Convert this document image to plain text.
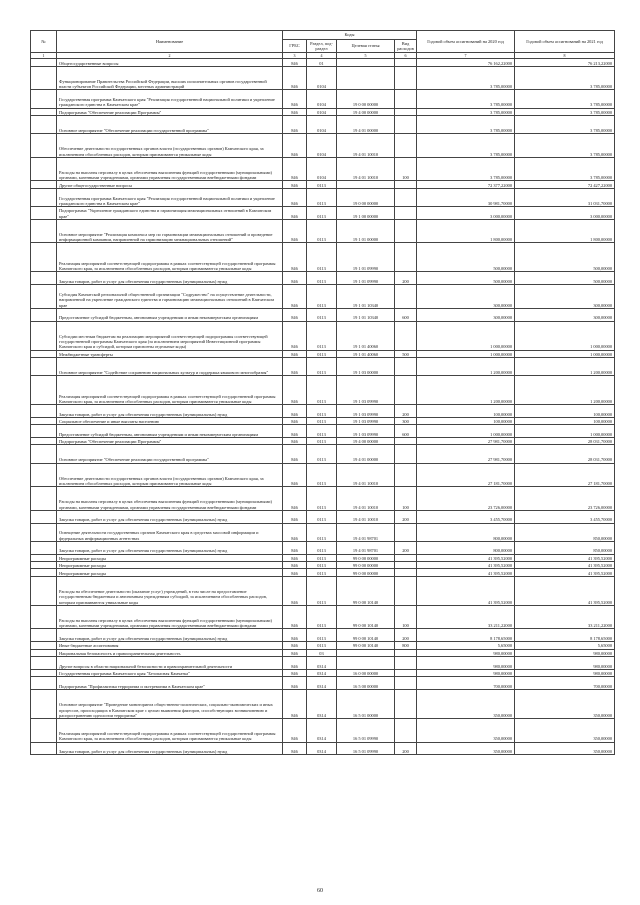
№	Наименование	Коды				Годовой объем ассигнований на 2020 год	Годовой объем ассигнований на 2021 год
		ГРБС	Раздел, под-раздел	Целевая статья	Вид расходов		
1	2	3	4	5	6	7	8
	Общегосударственные вопросы	846	01			76 162,22000	76 213,22000
	Функционирование Правительства Российской Федерации, высших исполнительных органов государственной власти субъектов Российской Федерации, местных администраций	846	0104			3 785,00000	3 785,00000
	Государственная программа Камчатского края "Реализация государственной национальной политики и укрепление гражданского единства в Камчатском крае"	846	0104	19 0 00 00000		3 785,00000	3 785,00000
	Подпрограмма "Обеспечение реализации Программы"	846	0104	19 4 00 00000		3 785,00000	3 785,00000
	Основное мероприятие "Обеспечение реализации государственной программы"	846	0104	19 4 01 00000		3 785,00000	3 785,00000
	Обеспечение деятельности государственных органов власти (государственных органов) Камчатского края, за исключением обособленных расходов, которым присваиваются уникальные коды	846	0104	19 4 01 10010		3 785,00000	3 785,00000
	Расходы на выплаты персоналу в целях обеспечения выполнения функций государственными (муниципальными) органами, казенными учреждениями, органами управления государственными внебюджетными фондами	846	0104	19 4 01 10010	100	3 785,00000	3 785,00000
	Другие общегосударственные вопросы	846	0113			72 377,22000	72 427,22000
	Государственная программа Камчатского края "Реализация государственной национальной политики и укрепление гражданского единства в Камчатском крае"	846	0113	19 0 00 00000		30 981,70000	31 031,70000
	Подпрограмма "Укрепление гражданского единства и гармонизация межнациональных отношений в Камчатском крае"	846	0113	19 1 00 00000		3 000,00000	3 000,00000
	Основное мероприятие "Реализация комплекса мер по гармонизации межнациональных отношений и проведение информационной кампании, направленной на гармонизацию межнациональных отношений"	846	0113	19 1 01 00000		1 800,00000	1 800,00000
	Реализация мероприятий соответствующей подпрограммы в рамках соответствующей государственной программы Камчатского края, за исключением обособленных расходов, которым присваиваются уникальные коды	846	0113	19 1 01 09990		500,00000	500,00000
	Закупка товаров, работ и услуг для обеспечения государственных (муниципальных) нужд	846	0113	19 1 01 09990	200	500,00000	500,00000
	Субсидия Камчатской региональной общественной организации "Содружество" на осуществление деятельности, направленной на укрепление гражданского единства и гармонизацию межнациональных отношений в Камчатском крае	846	0113	19 1 01 10340		300,00000	300,00000
	Предоставление субсидий бюджетным, автономным учреждениям и иным некоммерческим организациям	846	0113	19 1 01 10340	600	300,00000	300,00000
	Субсидии местным бюджетам на реализацию мероприятий соответствующей подпрограммы соответствующей государственной программы Камчатского края (за исключением мероприятий Инвестиционной программы Камчатского края и субсидий, которым присвоены отдельные коды)	846	0113	19 1 01 40060		1 000,00000	1 000,00000
	Межбюджетные трансферты	846	0113	19 1 01 40060	500	1 000,00000	1 000,00000
	Основное мероприятие "Содействие сохранению национальных культур и поддержка языкового многообразия"	846	0113	19 1 03 00000		1 200,00000	1 200,00000
	Реализация мероприятий соответствующей подпрограммы в рамках соответствующей государственной программы Камчатского края, за исключением обособленных расходов, которым присваиваются уникальные коды	846	0113	19 1 03 09990		1 200,00000	1 200,00000
	Закупка товаров, работ и услуг для обеспечения государственных (муниципальных) нужд	846	0113	19 1 03 09990	200	100,00000	100,00000
	Социальное обеспечение и иные выплаты населению	846	0113	19 1 03 09990	300	100,00000	100,00000
	Предоставление субсидий бюджетным, автономным учреждениям и иным некоммерческим организациям	846	0113	19 1 03 09990	600	1 000,00000	1 000,00000
	Подпрограмма "Обеспечение реализации Программы"	846	0113	19 4 00 00000		27 981,70000	28 031,70000
	Основное мероприятие "Обеспечение реализации государственной программы"	846	0113	19 4 01 00000		27 981,70000	28 031,70000
	Обеспечение деятельности государственных органов власти (государственных органов) Камчатского края, за исключением обособленных расходов, которым присваиваются уникальные коды	846	0113	19 4 01 10010		27 181,70000	27 181,70000
	Расходы на выплаты персоналу в целях обеспечения выполнения функций государственными (муниципальными) органами, казенными учреждениями, органами управления государственными внебюджетными фондами	846	0113	19 4 01 10010	100	23 726,00000	23 726,00000
	Закупка товаров, работ и услуг для обеспечения государственных (муниципальных) нужд	846	0113	19 4 01 10010	200	3 455,70000	3 455,70000
	Освещение деятельности государственных органов Камчатского края в средствах массовой информации и федеральных информационных агентствах	846	0113	19 4 01 98701		800,00000	850,00000
	Закупка товаров, работ и услуг для обеспечения государственных (муниципальных) нужд	846	0113	19 4 01 98701	200	800,00000	850,00000
	Непрограммные расходы	846	0113	99 0 00 00000		41 395,52000	41 395,52000
	Непрограммные расходы	846	0113	99 0 00 00000		41 395,52000	41 395,52000
	Непрограммные расходы	846	0113	99 0 00 00000		41 395,52000	41 395,52000
	Расходы на обеспечение деятельности (оказание услуг) учреждений, в том числе на предоставление государственным бюджетным и автономным учреждениям субсидий, за исключением обособленных расходов, которым присваиваются уникальные коды	846	0113	99 0 00 10140		41 395,52000	41 395,52000
	Расходы на выплаты персоналу в целях обеспечения выполнения функций государственными (муниципальными) органами, казенными учреждениями, органами управления государственными внебюджетными фондами	846	0113	99 0 00 10140	100	33 211,22000	33 211,22000
	Закупка товаров, работ и услуг для обеспечения государственных (муниципальных) нужд	846	0113	99 0 00 10140	200	8 178,65000	8 178,65000
	Иные бюджетные ассигнования	846	0113	99 0 00 10140	800	5,65000	5,65000
	Национальная безопасность и правоохранительная деятельность	846	03			980,00000	980,00000
	Другие вопросы в области национальной безопасности и правоохранительной деятельности	846	0314			980,00000	980,00000
	Государственная программа Камчатского края "Безопасная Камчатка"	846	0314	16 0 00 00000		980,00000	980,00000
	Подпрограмма "Профилактика терроризма и экстремизма в Камчатском крае"	846	0314	16 5 00 00000		700,00000	700,00000
	Основное мероприятие "Проведение мониторинга общественно-политических, социально-экономических и иных процессов, происходящих в Камчатском крае с целью выявления факторов, способствующих возникновению и распространению идеологии терроризма"	846	0314	16 5 01 00000		350,00000	350,00000
	Реализация мероприятий соответствующей подпрограммы в рамках соответствующей государственной программы Камчатского края, за исключением обособленных расходов, которым присваиваются уникальные коды	846	0314	16 5 01 09990		350,00000	350,00000
	Закупка товаров, работ и услуг для обеспечения государственных (муниципальных) нужд	846	0314	16 5 01 09990	200	350,00000	350,00000
60
